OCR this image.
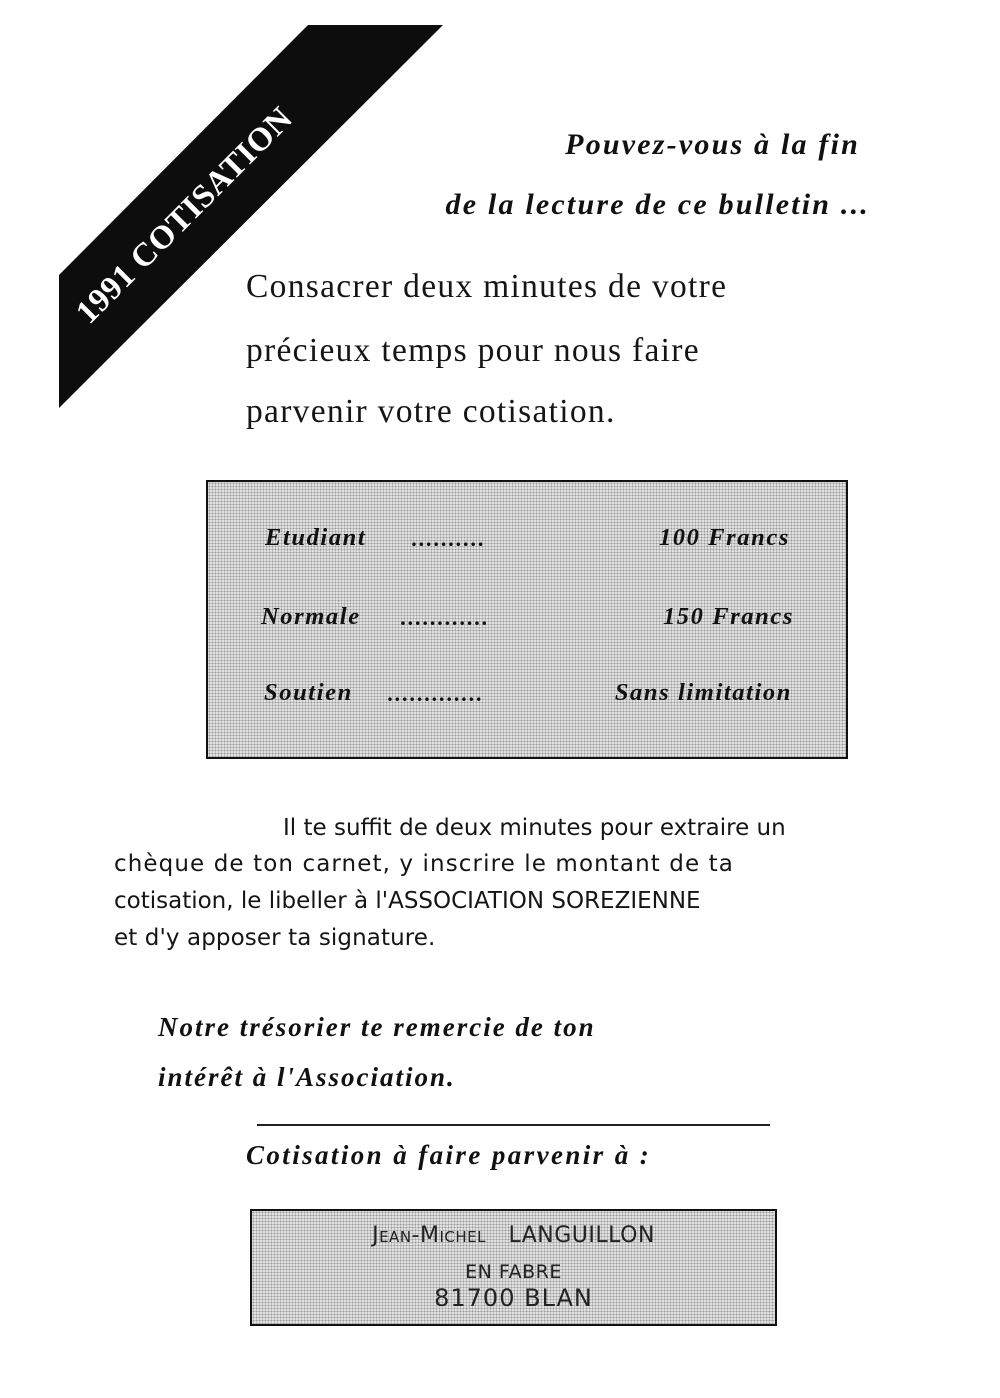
1991 COTISATION	Pouvez-vous à la fin
de la lecture de ce bulletin ...
Consacrer deux minutes de votre
précieux temps pour nous faire
parvenir votre cotisation.
Etudiant ..........	100 Francs
Normale ............	150 Francs
Soutien .............	Sans limitation
Il te suffit de deux minutes pour extraire un
chèque de ton carnet, y inscrire le montant de ta
cotisation, le libeller à l'ASSOCIATION SOREZIENNE
et d'y apposer ta signature.
Notre trésorier te remercie de ton
intérêt à l'Association.
Cotisation à faire parvenir à :
Jean-Michel LANGUILLON
EN FABRE
81700 BLAN
